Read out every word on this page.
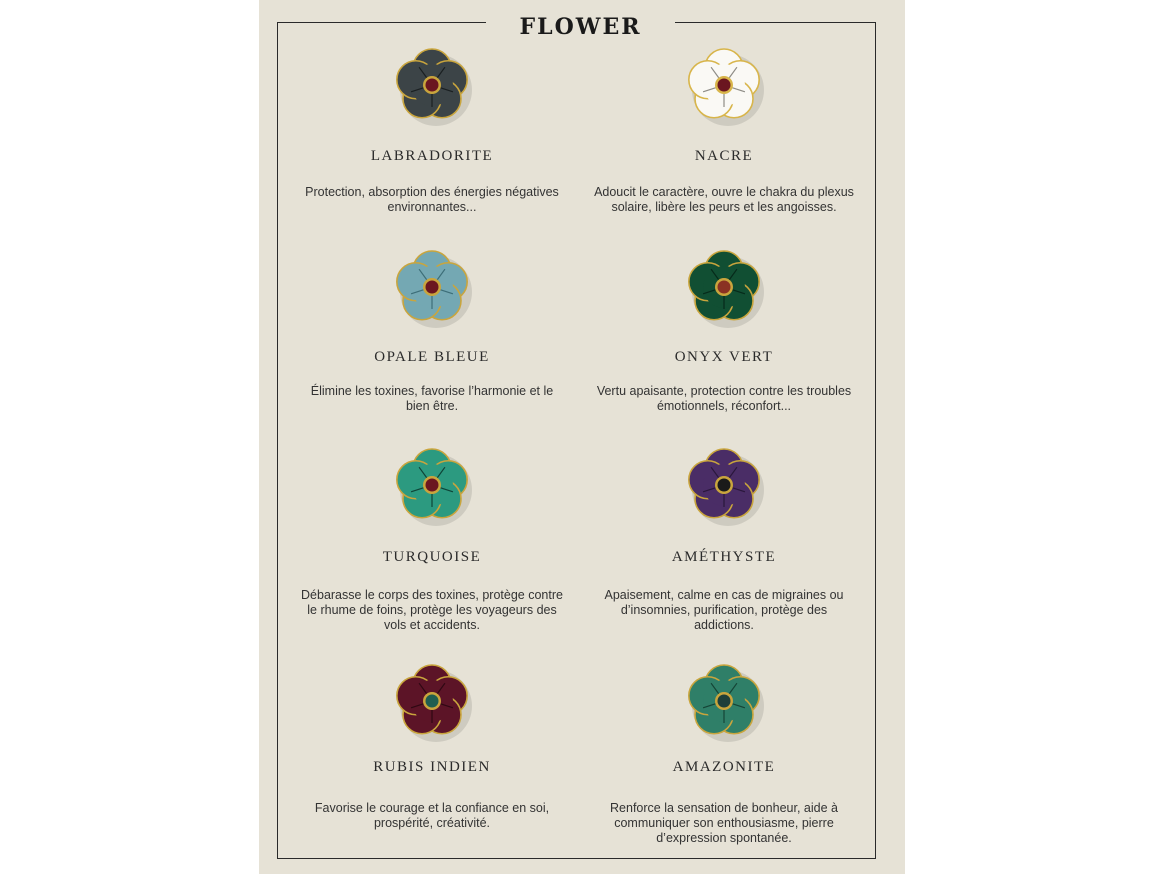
FLOWER
LABRADORITE
Protection, absorption des énergies négatives environnantes...
NACRE
Adoucit le caractère, ouvre le chakra du plexus solaire, libère les peurs et les angoisses.
OPALE BLEUE
Élimine les toxines, favorise l’harmonie et le bien être.
ONYX VERT
Vertu apaisante, protection contre les troubles émotionnels, réconfort...
TURQUOISE
Débarasse le corps des toxines, protège contre le rhume de foins, protège les voyageurs des vols et accidents.
AMÉTHYSTE
Apaisement, calme en cas de migraines ou d’insomnies, purification, protège des addictions.
RUBIS INDIEN
Favorise le courage et la confiance en soi, prospérité, créativité.
AMAZONITE
Renforce la sensation de bonheur, aide à communiquer son enthousiasme, pierre d’expression spontanée.
